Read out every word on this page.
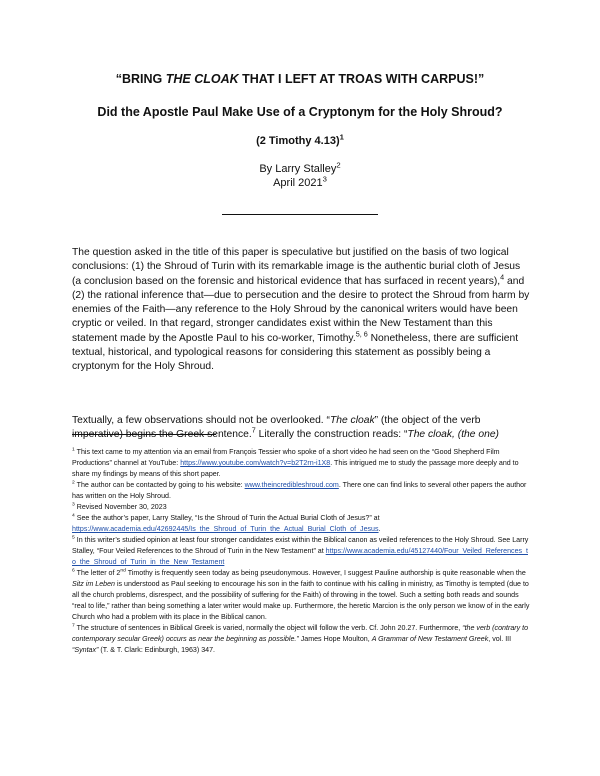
“BRING THE CLOAK THAT I LEFT AT TROAS WITH CARPUS!”
Did the Apostle Paul Make Use of a Cryptonym for the Holy Shroud?
(2 Timothy 4.13)$^1$
By Larry Stalley$^2$
April 2021$^3$

The question asked in the title of this paper is speculative but justified on the basis of two logical conclusions: (1) the Shroud of Turin with its remarkable image is the authentic burial cloth of Jesus (a conclusion based on the forensic and historical evidence that has surfaced in recent years),$^4$ and (2) the rational inference that—due to persecution and the desire to protect the Shroud from harm by enemies of the Faith—any reference to the Holy Shroud by the canonical writers would have been cryptic or veiled. In that regard, stronger candidates exist within the New Testament than this statement made by the Apostle Paul to his co-worker, Timothy.$^{5, 6}$ Nonetheless, there are sufficient textual, historical, and typological reasons for considering this statement as possibly being a cryptonym for the Holy Shroud.

Textually, a few observations should not be overlooked. “The cloak” (the object of the verb imperative) begins the Greek sentence.$^7$ Literally the construction reads: “The cloak, (the one)

$^1$ This text came to my attention via an email from François Tessier who spoke of a short video he had seen on the “Good Shepherd Film Productions” channel at YouTube: https://www.youtube.com/watch?v=b2T2rn-i1X8. This intrigued me to study the passage more deeply and to share my findings by means of this short paper.

$^2$ The author can be contacted by going to his website: www.theincredibleshroud.com. There one can find links to several other papers the author has written on the Holy Shroud.

$^3$ Revised November 30, 2023

$^4$ See the author’s paper, Larry Stalley, “Is the Shroud of Turin the Actual Burial Cloth of Jesus?” at https://www.academia.edu/42692445/Is_the_Shroud_of_Turin_the_Actual_Burial_Cloth_of_Jesus.

$^5$ In this writer’s studied opinion at least four stronger candidates exist within the Biblical canon as veiled references to the Holy Shroud. See Larry Stalley, “Four Veiled References to the Shroud of Turin in the New Testament” at https://www.academia.edu/45127440/Four_Veiled_References_to_the_Shroud_of_Turin_in_the_New_Testament

$^6$ The letter of 2nd Timothy is frequently seen today as being pseudonymous. However, I suggest Pauline authorship is quite reasonable when the Sitz im Leben is understood as Paul seeking to encourage his son in the faith to continue with his calling in ministry, as Timothy is tempted (due to all the church problems, disrespect, and the possibility of suffering for the Faith) of throwing in the towel. Such a setting both reads and sounds “real to life,” rather than being something a later writer would make up. Furthermore, the heretic Marcion is the only person we know of in the early Church who had a problem with its place in the Biblical canon.

$^7$ The structure of sentences in Biblical Greek is varied, normally the object will follow the verb. Cf. John 20.27. Furthermore, “the verb (contrary to contemporary secular Greek) occurs as near the beginning as possible.” James Hope Moulton, A Grammar of New Testament Greek, vol. III “Syntax” (T. & T. Clark: Edinburgh, 1963) 347.
